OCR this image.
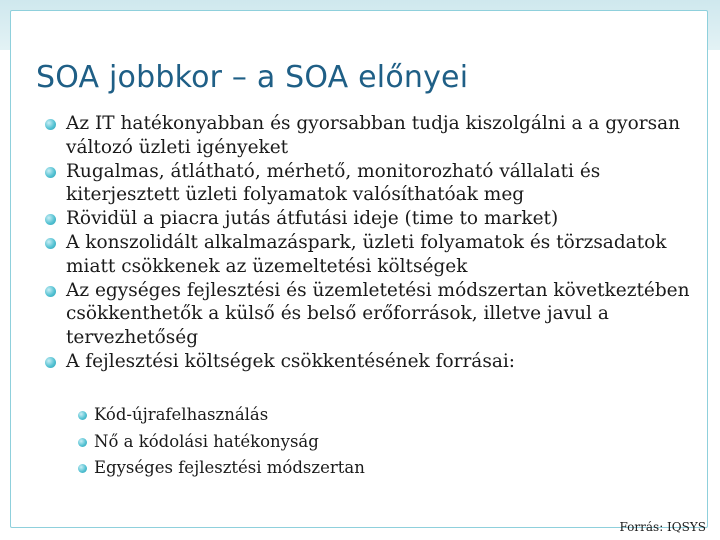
SOA jobbkor – a SOA előnyei
Az IT hatékonyabban és gyorsabban tudja kiszolgálni a a gyorsan változó üzleti igényeket
Rugalmas, átlátható, mérhető, monitorozható vállalati és kiterjesztett üzleti folyamatok valósíthatóak meg
Rövidül a piacra jutás átfutási ideje (time to market)
A konszolidált alkalmazáspark, üzleti folyamatok és törzsadatok miatt csökkenek az üzemeltetési költségek
Az egységes fejlesztési és üzemletetési módszertan következtében csökkenthetők a külső és belső erőforrások, illetve javul a tervezhetőség
A fejlesztési költségek csökkentésének forrásai:
Kód-újrafelhasználás
Nő a kódolási hatékonyság
Egységes fejlesztési módszertan
Forrás: IQSYS
